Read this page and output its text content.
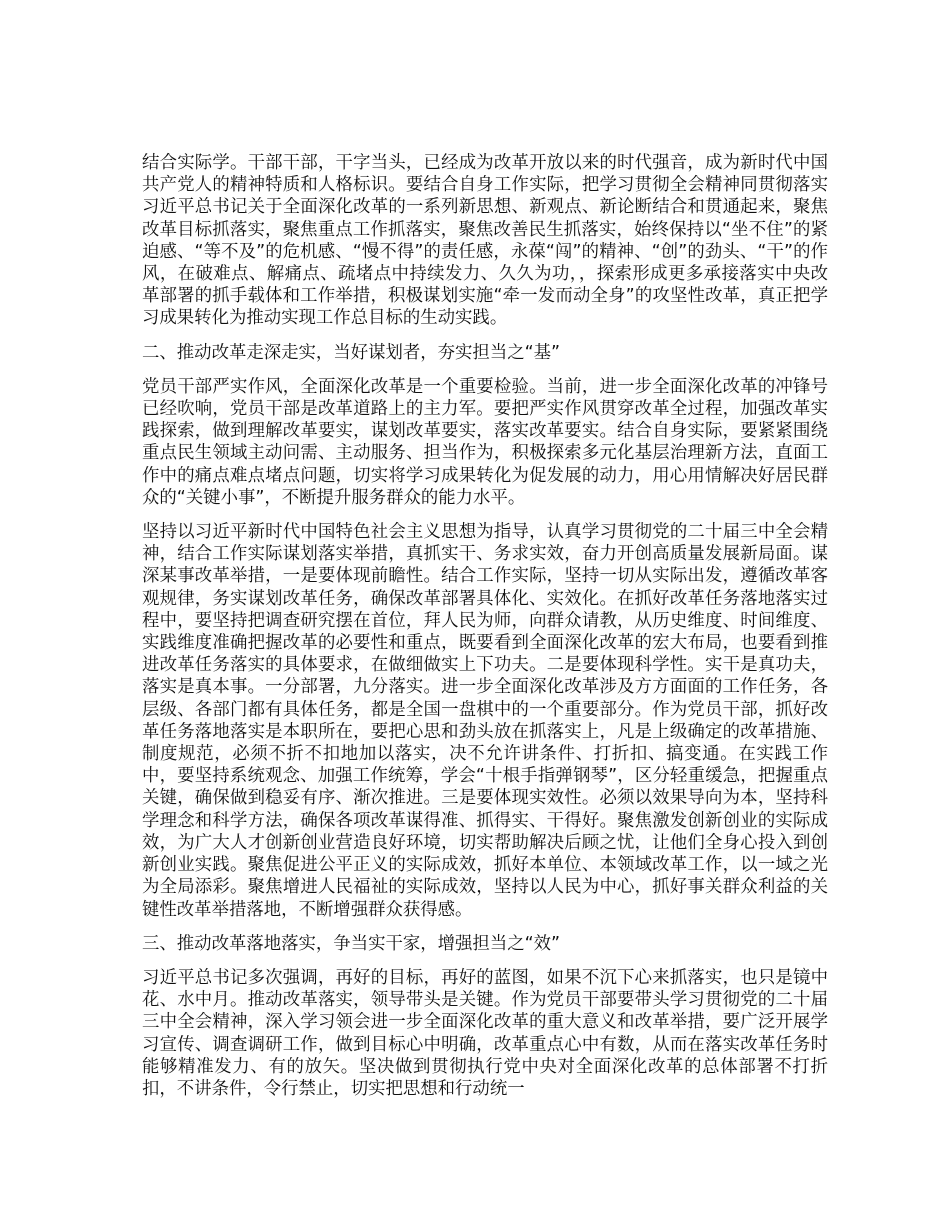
结合实际学。干部干部，干字当头，已经成为改革开放以来的时代强音，成为新时代中国共产党人的精神特质和人格标识。要结合自身工作实际，把学习贯彻全会精神同贯彻落实习近平总书记关于全面深化改革的一系列新思想、新观点、新论断结合和贯通起来，聚焦改革目标抓落实，聚焦重点工作抓落实，聚焦改善民生抓落实，始终保持以“坐不住”的紧迫感、“等不及”的危机感、“慢不得”的责任感，永葆“闯”的精神、“创”的劲头、“干”的作风，在破难点、解痛点、疏堵点中持续发力、久久为功，，探索形成更多承接落实中央改革部署的抓手载体和工作举措，积极谋划实施“牵一发而动全身”的攻坚性改革，真正把学习成果转化为推动实现工作总目标的生动实践。

二、推动改革走深走实，当好谋划者，夯实担当之“基”

党员干部严实作风，全面深化改革是一个重要检验。当前，进一步全面深化改革的冲锋号已经吹响，党员干部是改革道路上的主力军。要把严实作风贯穿改革全过程，加强改革实践探索，做到理解改革要实，谋划改革要实，落实改革要实。结合自身实际，要紧紧围绕重点民生领域主动问需、主动服务、担当作为，积极探索多元化基层治理新方法，直面工作中的痛点难点堵点问题，切实将学习成果转化为促发展的动力，用心用情解决好居民群众的“关键小事”，不断提升服务群众的能力水平。

坚持以习近平新时代中国特色社会主义思想为指导，认真学习贯彻党的二十届三中全会精神，结合工作实际谋划落实举措，真抓实干、务求实效，奋力开创高质量发展新局面。谋深某事改革举措，一是要体现前瞻性。结合工作实际，坚持一切从实际出发，遵循改革客观规律，务实谋划改革任务，确保改革部署具体化、实效化。在抓好改革任务落地落实过程中，要坚持把调查研究摆在首位，拜人民为师，向群众请教，从历史维度、时间维度、实践维度准确把握改革的必要性和重点，既要看到全面深化改革的宏大布局，也要看到推进改革任务落实的具体要求，在做细做实上下功夫。二是要体现科学性。实干是真功夫，落实是真本事。一分部署，九分落实。进一步全面深化改革涉及方方面面的工作任务，各层级、各部门都有具体任务，都是全国一盘棋中的一个重要部分。作为党员干部，抓好改革任务落地落实是本职所在，要把心思和劲头放在抓落实上，凡是上级确定的改革措施、制度规范，必须不折不扣地加以落实，决不允许讲条件、打折扣、搞变通。在实践工作中，要坚持系统观念、加强工作统筹，学会“十根手指弹钢琴”，区分轻重缓急，把握重点关键，确保做到稳妥有序、渐次推进。三是要体现实效性。必须以效果导向为本，坚持科学理念和科学方法，确保各项改革谋得准、抓得实、干得好。聚焦激发创新创业的实际成效，为广大人才创新创业营造良好环境，切实帮助解决后顾之忧，让他们全身心投入到创新创业实践。聚焦促进公平正义的实际成效，抓好本单位、本领域改革工作，以一域之光为全局添彩。聚焦增进人民福祉的实际成效，坚持以人民为中心，抓好事关群众利益的关键性改革举措落地，不断增强群众获得感。

三、推动改革落地落实，争当实干家，增强担当之“效”

习近平总书记多次强调，再好的目标，再好的蓝图，如果不沉下心来抓落实，也只是镜中花、水中月。推动改革落实，领导带头是关键。作为党员干部要带头学习贯彻党的二十届三中全会精神，深入学习领会进一步全面深化改革的重大意义和改革举措，要广泛开展学习宣传、调查调研工作，做到目标心中明确，改革重点心中有数，从而在落实改革任务时能够精准发力、有的放矢。坚决做到贯彻执行党中央对全面深化改革的总体部署不打折扣，不讲条件，令行禁止，切实把思想和行动统一
